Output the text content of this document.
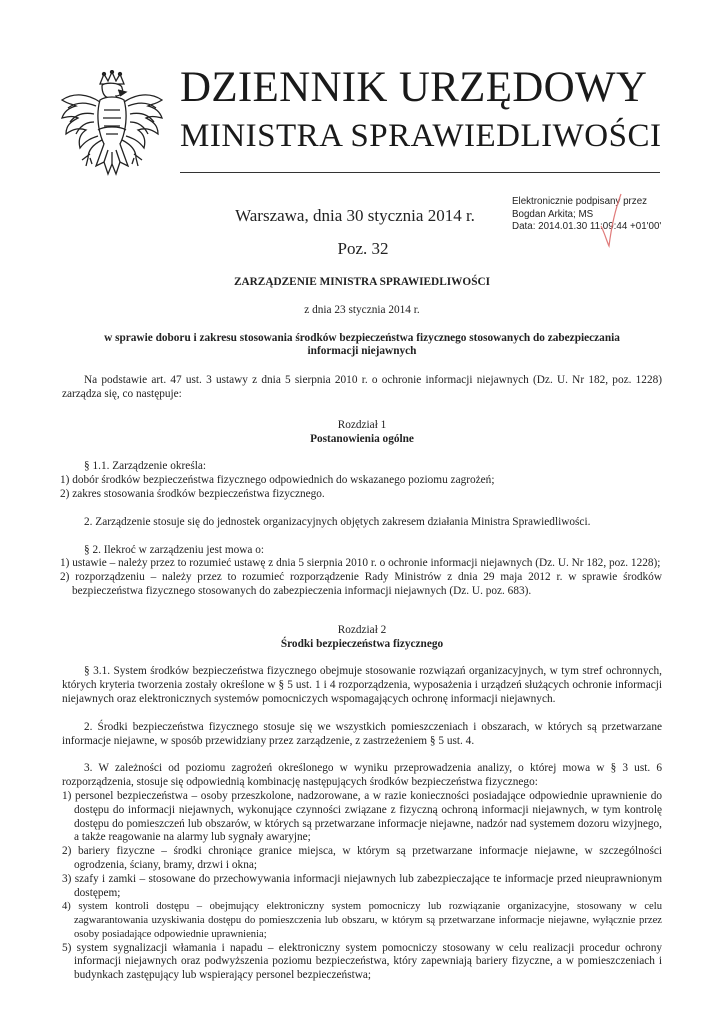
DZIENNIK URZĘDOWY
MINISTRA SPRAWIEDLIWOŚCI
Elektronicznie podpisany przez
Bogdan Arkita; MS
Data: 2014.01.30 11:09:44 +01'00'
Warszawa, dnia 30 stycznia 2014 r.
Poz. 32

ZARZĄDZENIE MINISTRA SPRAWIEDLIWOŚCI

z dnia 23 stycznia 2014 r.

w sprawie doboru i zakresu stosowania środków bezpieczeństwa fizycznego stosowanych do zabezpieczania informacji niejawnych

Na podstawie art. 47 ust. 3 ustawy z dnia 5 sierpnia 2010 r. o ochronie informacji niejawnych (Dz. U. Nr 182, poz. 1228) zarządza się, co następuje:

Rozdział 1

Postanowienia ogólne

§ 1.1. Zarządzenie określa:

1) dobór środków bezpieczeństwa fizycznego odpowiednich do wskazanego poziomu zagrożeń;

2) zakres stosowania środków bezpieczeństwa fizycznego.

2. Zarządzenie stosuje się do jednostek organizacyjnych objętych zakresem działania Ministra Sprawiedliwości.

§ 2. Ilekroć w zarządzeniu jest mowa o:

1) ustawie – należy przez to rozumieć ustawę z dnia 5 sierpnia 2010 r. o ochronie informacji niejawnych (Dz. U. Nr 182, poz. 1228);

2) rozporządzeniu – należy przez to rozumieć rozporządzenie Rady Ministrów z dnia 29 maja 2012 r. w sprawie środków bezpieczeństwa fizycznego stosowanych do zabezpieczenia informacji niejawnych (Dz. U. poz. 683).

Rozdział 2

Środki bezpieczeństwa fizycznego

§ 3.1. System środków bezpieczeństwa fizycznego obejmuje stosowanie rozwiązań organizacyjnych, w tym stref ochronnych, których kryteria tworzenia zostały określone w § 5 ust. 1 i 4 rozporządzenia, wyposażenia i urządzeń służących ochronie informacji niejawnych oraz elektronicznych systemów pomocniczych wspomagających ochronę informacji niejawnych.

2. Środki bezpieczeństwa fizycznego stosuje się we wszystkich pomieszczeniach i obszarach, w których są przetwarzane informacje niejawne, w sposób przewidziany przez zarządzenie, z zastrzeżeniem § 5 ust. 4.

3. W zależności od poziomu zagrożeń określonego w wyniku przeprowadzenia analizy, o której mowa w § 3 ust. 6 rozporządzenia, stosuje się odpowiednią kombinację następujących środków bezpieczeństwa fizycznego:

1) personel bezpieczeństwa – osoby przeszkolone, nadzorowane, a w razie konieczności posiadające odpowiednie uprawnienie do dostępu do informacji niejawnych, wykonujące czynności związane z fizyczną ochroną informacji niejawnych, w tym kontrolę dostępu do pomieszczeń lub obszarów, w których są przetwarzane informacje niejawne, nadzór nad systemem dozoru wizyjnego, a także reagowanie na alarmy lub sygnały awaryjne;

2) bariery fizyczne – środki chroniące granice miejsca, w którym są przetwarzane informacje niejawne, w szczególności ogrodzenia, ściany, bramy, drzwi i okna;

3) szafy i zamki – stosowane do przechowywania informacji niejawnych lub zabezpieczające te informacje przed nieuprawnionym dostępem;

4) system kontroli dostępu – obejmujący elektroniczny system pomocniczy lub rozwiązanie organizacyjne, stosowany w celu zagwarantowania uzyskiwania dostępu do pomieszczenia lub obszaru, w którym są przetwarzane informacje niejawne, wyłącznie przez osoby posiadające odpowiednie uprawnienia;

5) system sygnalizacji włamania i napadu – elektroniczny system pomocniczy stosowany w celu realizacji procedur ochrony informacji niejawnych oraz podwyższenia poziomu bezpieczeństwa, który zapewniają bariery fizyczne, a w pomieszczeniach i budynkach zastępujący lub wspierający personel bezpieczeństwa;
